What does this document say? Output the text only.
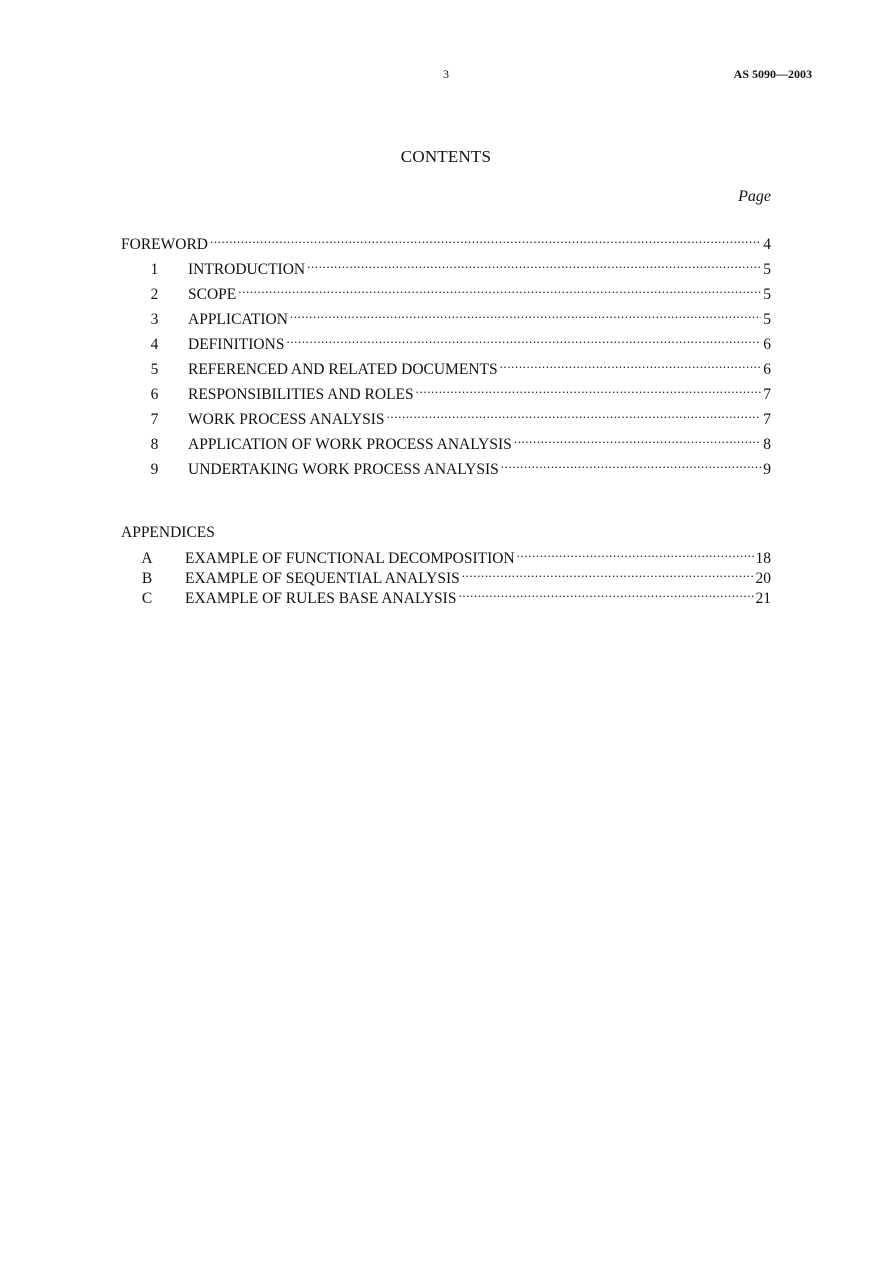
3	AS 5090—2003
CONTENTS
Page
FOREWORD .....	4
1	INTRODUCTION .....	5
2	SCOPE .....	5
3	APPLICATION .....	5
4	DEFINITIONS .....	6
5	REFERENCED AND RELATED DOCUMENTS .....	6
6	RESPONSIBILITIES AND ROLES .....	7
7	WORK PROCESS ANALYSIS .....	7
8	APPLICATION OF WORK PROCESS ANALYSIS .....	8
9	UNDERTAKING WORK PROCESS ANALYSIS .....	9
APPENDICES
A	EXAMPLE OF FUNCTIONAL DECOMPOSITION .....	18
B	EXAMPLE OF SEQUENTIAL ANALYSIS .....	20
C	EXAMPLE OF RULES BASE ANALYSIS .....	21
